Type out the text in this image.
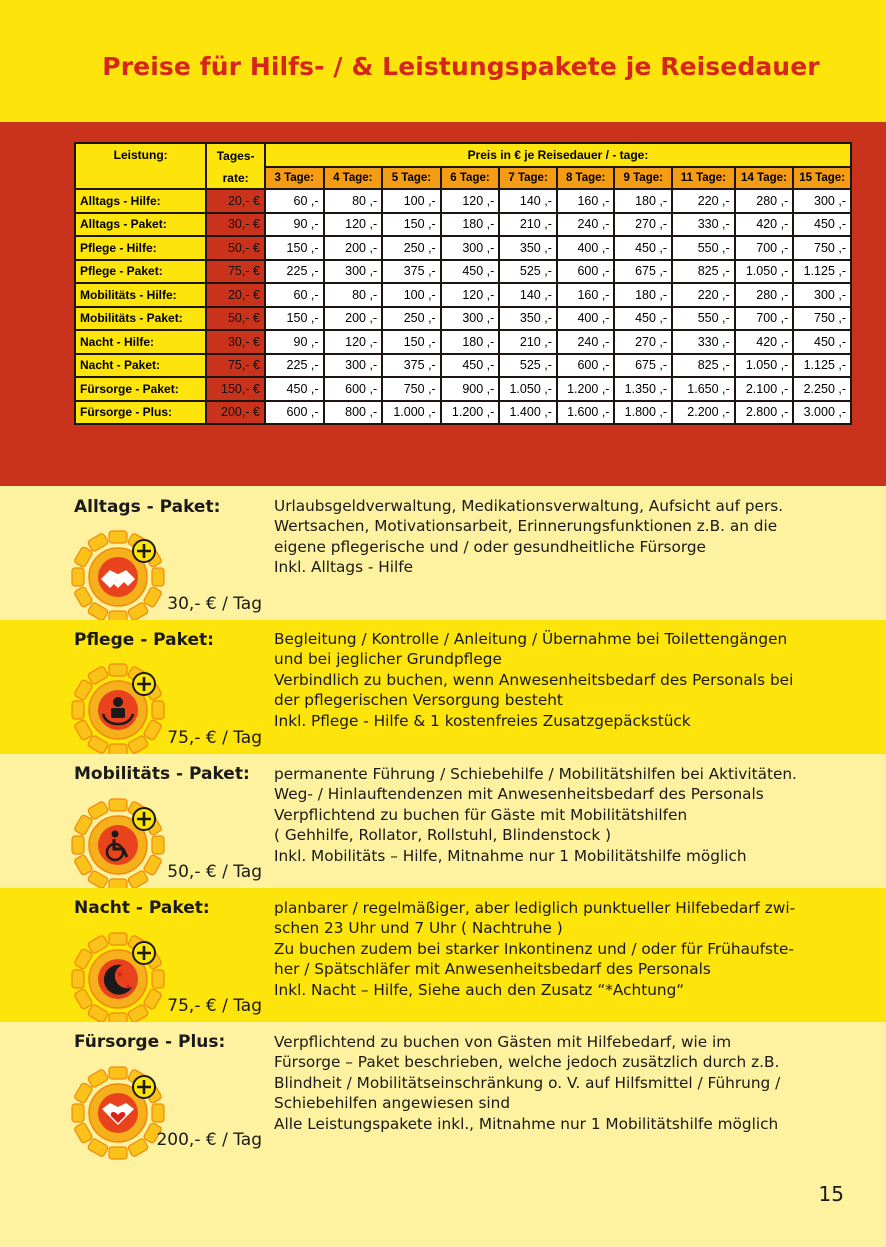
Preise für Hilfs- / & Leistungspakete je Reisedauer
Leistung:	Tages-	Preis in € je Reisedauer / - tage:									
	rate:	3 Tage:	4 Tage:	5 Tage:	6 Tage:	7 Tage:	8 Tage:	9 Tage:	11 Tage:	14 Tage:	15 Tage:
Alltags - Hilfe:	20,- €	60 ,-	80 ,-	100 ,-	120 ,-	140 ,-	160 ,-	180 ,-	220 ,-	280 ,-	300 ,-
Alltags - Paket:	30,- €	90 ,-	120 ,-	150 ,-	180 ,-	210 ,-	240 ,-	270 ,-	330 ,-	420 ,-	450 ,-
Pflege - Hilfe:	50,- €	150 ,-	200 ,-	250 ,-	300 ,-	350 ,-	400 ,-	450 ,-	550 ,-	700 ,-	750 ,-
Pflege - Paket:	75,- €	225 ,-	300 ,-	375 ,-	450 ,-	525 ,-	600 ,-	675 ,-	825 ,-	1.050 ,-	1.125 ,-
Mobilitäts - Hilfe:	20,- €	60 ,-	80 ,-	100 ,-	120 ,-	140 ,-	160 ,-	180 ,-	220 ,-	280 ,-	300 ,-
Mobilitäts - Paket:	50,- €	150 ,-	200 ,-	250 ,-	300 ,-	350 ,-	400 ,-	450 ,-	550 ,-	700 ,-	750 ,-
Nacht - Hilfe:	30,- €	90 ,-	120 ,-	150 ,-	180 ,-	210 ,-	240 ,-	270 ,-	330 ,-	420 ,-	450 ,-
Nacht - Paket:	75,- €	225 ,-	300 ,-	375 ,-	450 ,-	525 ,-	600 ,-	675 ,-	825 ,-	1.050 ,-	1.125 ,-
Fürsorge - Paket:	150,- €	450 ,-	600 ,-	750 ,-	900 ,-	1.050 ,-	1.200 ,-	1.350 ,-	1.650 ,-	2.100 ,-	2.250 ,-
Fürsorge - Plus:	200,- €	600 ,-	800 ,-	1.000 ,-	1.200 ,-	1.400 ,-	1.600 ,-	1.800 ,-	2.200 ,-	2.800 ,-	3.000 ,-
Alltags - Paket:
30,- € / Tag
Urlaubsgeldverwaltung, Medikationsverwaltung, Aufsicht auf pers.
Wertsachen, Motivationsarbeit, Erinnerungsfunktionen z.B. an die
eigene pflegerische und / oder gesundheitliche Fürsorge
Inkl. Alltags - Hilfe
Pflege - Paket:
75,- € / Tag
Begleitung / Kontrolle / Anleitung / Übernahme bei Toilettengängen
und bei jeglicher Grundpflege
Verbindlich zu buchen, wenn Anwesenheitsbedarf des Personals bei
der pflegerischen Versorgung besteht
Inkl. Pflege - Hilfe & 1 kostenfreies Zusatzgepäckstück
Mobilitäts - Paket:
50,- € / Tag
permanente Führung / Schiebehilfe / Mobilitätshilfen bei Aktivitäten.
Weg- / Hinlauftendenzen mit Anwesenheitsbedarf des Personals
Verpflichtend zu buchen für Gäste mit Mobilitätshilfen
( Gehhilfe, Rollator, Rollstuhl, Blindenstock )
Inkl. Mobilitäts – Hilfe, Mitnahme nur 1 Mobilitätshilfe möglich
Nacht - Paket:
★
★
75,- € / Tag
planbarer / regelmäßiger, aber lediglich punktueller Hilfebedarf zwi-
schen 23 Uhr und 7 Uhr ( Nachtruhe )
Zu buchen zudem bei starker Inkontinenz und / oder für Frühaufste-
her / Spätschläfer mit Anwesenheitsbedarf des Personals
Inkl. Nacht – Hilfe, Siehe auch den Zusatz “*Achtung“
Fürsorge - Plus:
200,- € / Tag
Verpflichtend zu buchen von Gästen mit Hilfebedarf, wie im
Fürsorge – Paket beschrieben, welche jedoch zusätzlich durch z.B.
Blindheit / Mobilitätseinschränkung o. V. auf Hilfsmittel / Führung /
Schiebehilfen angewiesen sind
Alle Leistungspakete inkl., Mitnahme nur 1 Mobilitätshilfe möglich
15
